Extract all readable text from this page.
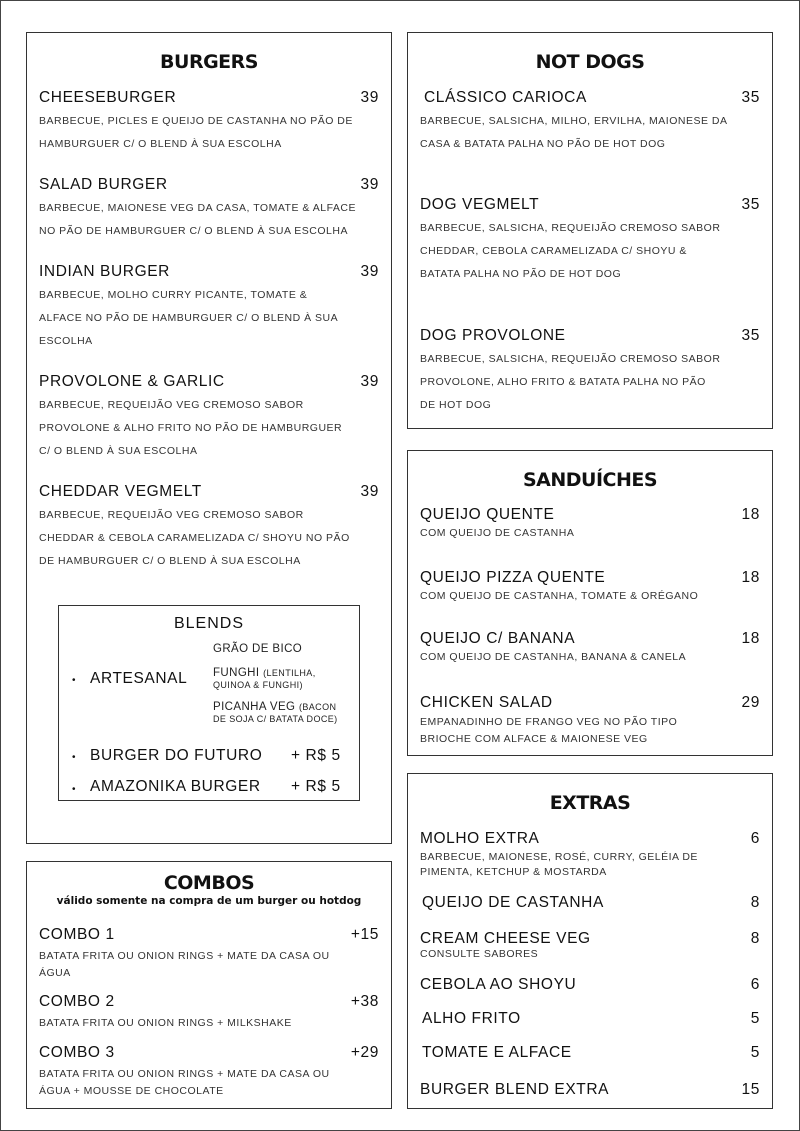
BURGERS
CHEESEBURGER	39
BARBECUE, PICLES E QUEIJO DE CASTANHA NO PÃO DE
HAMBURGUER C/ O BLEND À SUA ESCOLHA
SALAD BURGER	39
BARBECUE, MAIONESE VEG DA CASA, TOMATE & ALFACE
NO PÃO DE HAMBURGUER C/ O BLEND À SUA ESCOLHA
INDIAN BURGER	39
BARBECUE, MOLHO CURRY PICANTE, TOMATE &
ALFACE NO PÃO DE HAMBURGUER C/ O BLEND À SUA
ESCOLHA
PROVOLONE & GARLIC	39
BARBECUE, REQUEIJÃO VEG CREMOSO SABOR
PROVOLONE & ALHO FRITO NO PÃO DE HAMBURGUER
C/ O BLEND À SUA ESCOLHA
CHEDDAR VEGMELT	39
BARBECUE, REQUEIJÃO VEG CREMOSO SABOR
CHEDDAR & CEBOLA CARAMELIZADA C/ SHOYU NO PÃO
DE HAMBURGUER C/ O BLEND À SUA ESCOLHA
BLENDS
• ARTESANAL
GRÃO DE BICO
FUNGHI (LENTILHA,
QUINOA & FUNGHI)
PICANHA VEG (BACON
DE SOJA C/ BATATA DOCE)
• BURGER DO FUTURO + R$ 5
• AMAZONIKA BURGER + R$ 5
COMBOS
válido somente na compra de um burger ou hotdog
COMBO 1	+15
BATATA FRITA OU ONION RINGS + MATE DA CASA OU
ÁGUA
COMBO 2	+38
BATATA FRITA OU ONION RINGS + MILKSHAKE
COMBO 3	+29
BATATA FRITA OU ONION RINGS + MATE DA CASA OU
ÁGUA + MOUSSE DE CHOCOLATE
NOT DOGS
CLÁSSICO CARIOCA	35
BARBECUE, SALSICHA, MILHO, ERVILHA, MAIONESE DA
CASA & BATATA PALHA NO PÃO DE HOT DOG
DOG VEGMELT	35
BARBECUE, SALSICHA, REQUEIJÃO CREMOSO SABOR
CHEDDAR, CEBOLA CARAMELIZADA C/ SHOYU &
BATATA PALHA NO PÃO DE HOT DOG
DOG PROVOLONE	35
BARBECUE, SALSICHA, REQUEIJÃO CREMOSO SABOR
PROVOLONE, ALHO FRITO & BATATA PALHA NO PÃO
DE HOT DOG
SANDUÍCHES
QUEIJO QUENTE	18
COM QUEIJO DE CASTANHA
QUEIJO PIZZA QUENTE	18
COM QUEIJO DE CASTANHA, TOMATE & ORÉGANO
QUEIJO C/ BANANA	18
COM QUEIJO DE CASTANHA, BANANA & CANELA
CHICKEN SALAD	29
EMPANADINHO DE FRANGO VEG NO PÃO TIPO
BRIOCHE COM ALFACE & MAIONESE VEG
EXTRAS
MOLHO EXTRA	6
BARBECUE, MAIONESE, ROSÉ, CURRY, GELÉIA DE
PIMENTA, KETCHUP & MOSTARDA
QUEIJO DE CASTANHA	8
CREAM CHEESE VEG	8
CONSULTE SABORES
CEBOLA AO SHOYU	6
ALHO FRITO	5
TOMATE E ALFACE	5
BURGER BLEND EXTRA	15
